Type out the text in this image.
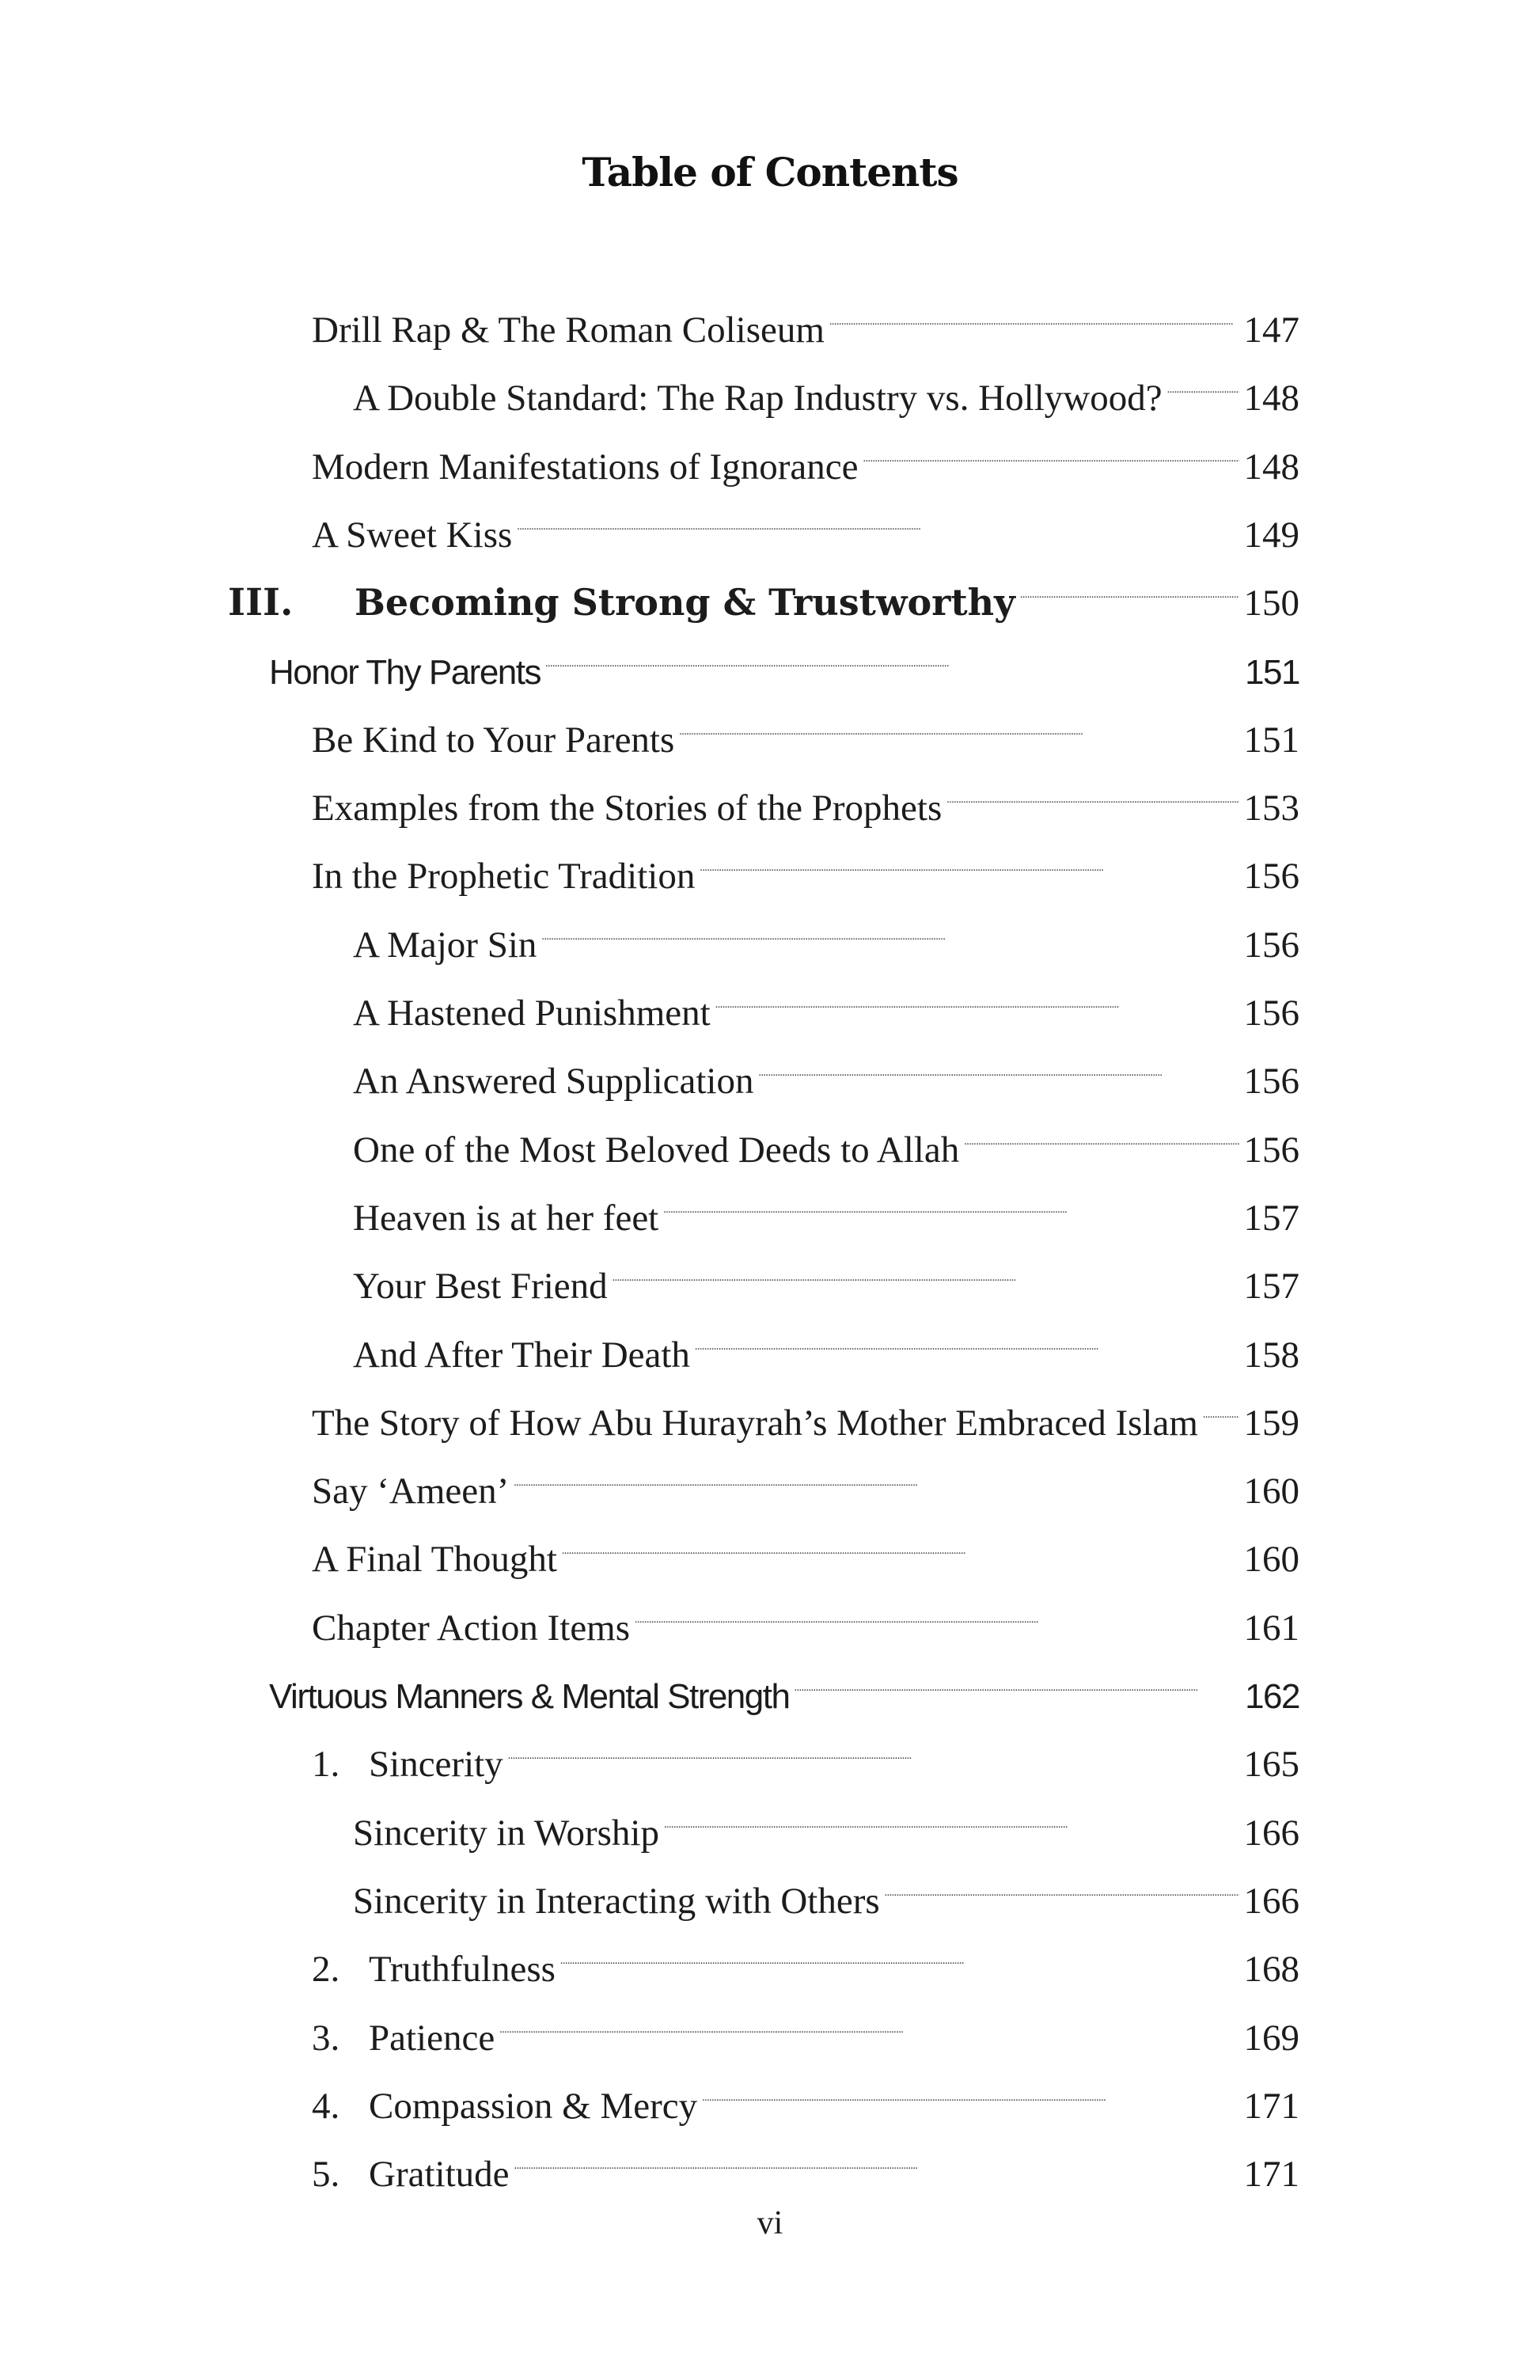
Table of Contents
Drill Rap & The Roman Coliseum . . .	147
A Double Standard: The Rap Industry vs. Hollywood? . . . 148
Modern Manifestations of Ignorance . . .	148
A Sweet Kiss . . .	149
III.	Becoming Strong & Trustworthy . . .	150
Honor Thy Parents . . .	151
Be Kind to Your Parents . . .	151
Examples from the Stories of the Prophets . . .	153
In the Prophetic Tradition . . .	156
A Major Sin . . .	156
A Hastened Punishment . . .	156
An Answered Supplication . . .	156
One of the Most Beloved Deeds to Allah . . .	156
Heaven is at her feet . . .	157
Your Best Friend . . .	157
And After Their Death . . .	158
The Story of How Abu Hurayrah’s Mother Embraced Islam . . . 159
Say ‘Ameen’ . . .	160
A Final Thought . . .	160
Chapter Action Items . . .	161
Virtuous Manners & Mental Strength . . .	162
1. Sincerity . . .	165
Sincerity in Worship . . .	166
Sincerity in Interacting with Others . . .	166
2. Truthfulness . . .	168
3. Patience . . .	169
4. Compassion & Mercy . . .	171
5. Gratitude . . .	171
vi
